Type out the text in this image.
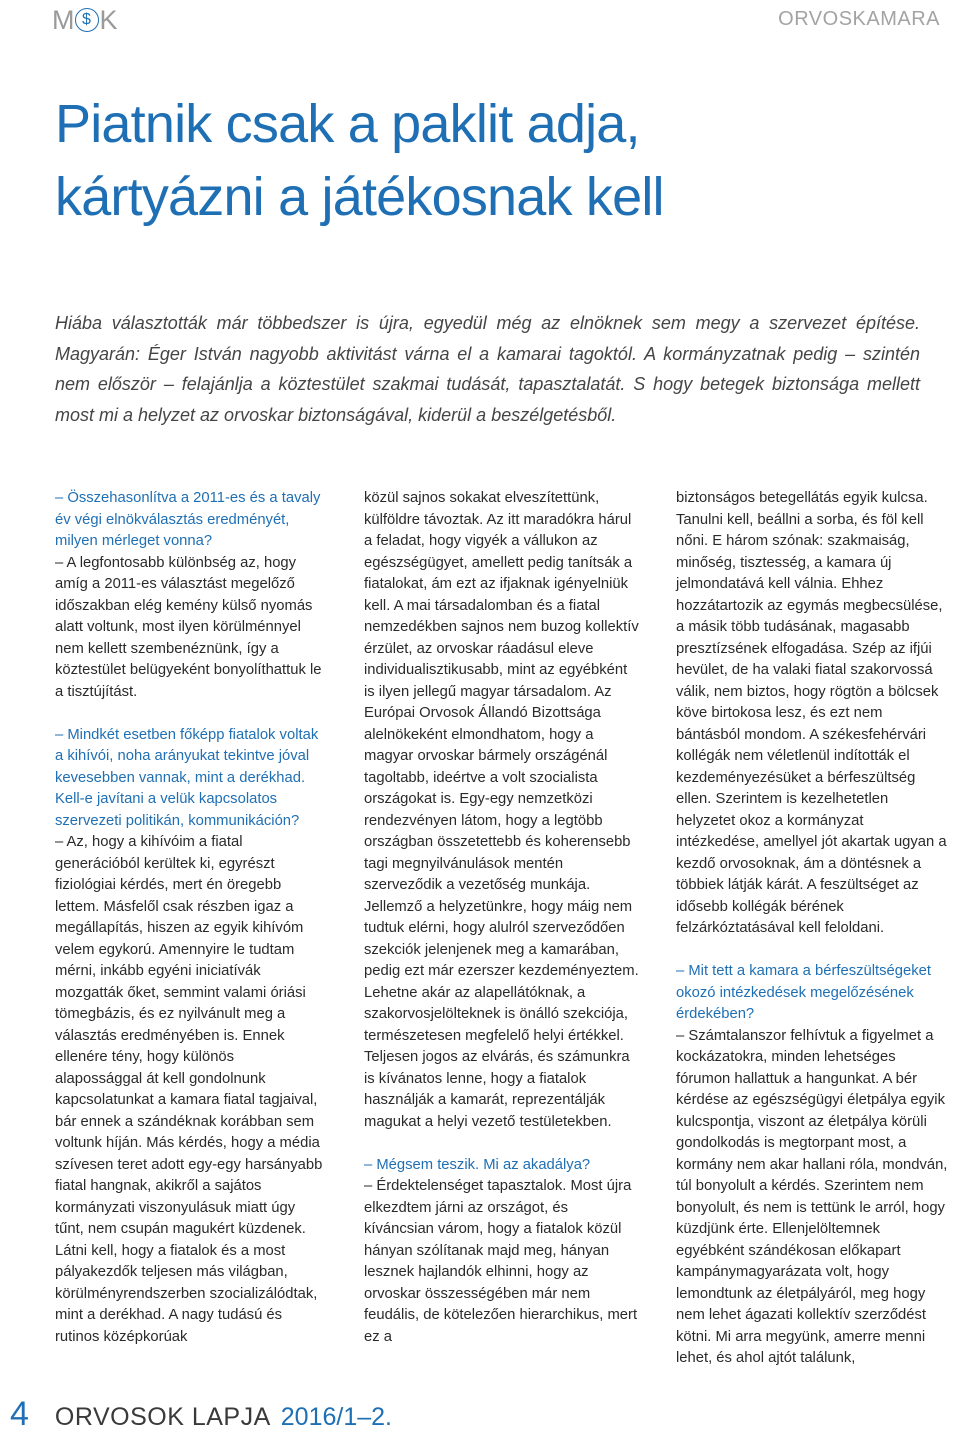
M $ K	ORVOSKAMARA
Piatnik csak a paklit adja,
kártyázni a játékosnak kell

Hiába választották már többedszer is újra, egyedül még az elnöknek sem megy a szervezet építése. Magyarán: Éger István nagyobb aktivitást várna el a kamarai tagoktól. A kormányzatnak pedig – szintén nem először – felajánlja a köztestület szakmai tudását, tapasztalatát. S hogy betegek biztonsága mellett most mi a helyzet az orvoskar biztonságával, kiderül a beszélgetésből.

– Összehasonlítva a 2011-es és a tavaly év végi elnökválasztás eredményét, milyen mérleget vonna?

– A legfontosabb különbség az, hogy amíg a 2011-es választást megelőző időszakban elég kemény külső nyomás alatt voltunk, most ilyen körülménnyel nem kellett szembenéznünk, így a köztestület belügyeként bonyolíthattuk le a tisztújítást.

– Mindkét esetben főképp fiatalok voltak a kihívói, noha arányukat tekintve jóval kevesebben vannak, mint a derékhad. Kell-e javítani a velük kapcsolatos szervezeti politikán, kommunikáción?

– Az, hogy a kihívóim a fiatal generációból kerültek ki, egyrészt fiziológiai kérdés, mert én öregebb lettem. Másfelől csak részben igaz a megállapítás, hiszen az egyik kihívóm velem egykorú. Amennyire le tudtam mérni, inkább egyéni iniciatívák mozgatták őket, semmint valami óriási tömegbázis, és ez nyilvánult meg a választás eredményében is. Ennek ellenére tény, hogy különös alapossággal át kell gondolnunk kapcsolatunkat a kamara fiatal tagjaival, bár ennek a szándéknak korábban sem voltunk híján. Más kérdés, hogy a média szívesen teret adott egy-egy harsányabb fiatal hangnak, akikről a sajátos kormányzati viszonyulásuk miatt úgy tűnt, nem csupán magukért küzdenek. Látni kell, hogy a fiatalok és a most pályakezdők teljesen más világban, körülményrendszerben szocializálódtak, mint a derékhad. A nagy tudású és rutinos középkorúak

közül sajnos sokakat elveszítettünk, külföldre távoztak. Az itt maradókra hárul a feladat, hogy vigyék a vállukon az egészségügyet, amellett pedig tanítsák a fiatalokat, ám ezt az ifjaknak igényelniük kell. A mai társadalomban és a fiatal nemzedékben sajnos nem buzog kollektív érzület, az orvoskar ráadásul eleve individualisztikusabb, mint az egyébként is ilyen jellegű magyar társadalom. Az Európai Orvosok Állandó Bizottsága alelnökeként elmondhatom, hogy a magyar orvoskar bármely országénál tagoltabb, ideértve a volt szocialista országokat is. Egy-egy nemzetközi rendezvényen látom, hogy a legtöbb országban összetettebb és koherensebb tagi megnyilvánulások mentén szerveződik a vezetőség munkája. Jellemző a helyzetünkre, hogy máig nem tudtuk elérni, hogy alulról szerveződően szekciók jelenjenek meg a kamarában, pedig ezt már ezerszer kezdeményeztem. Lehetne akár az alapellátóknak, a szakorvosjelölteknek is önálló szekciója, természetesen megfelelő helyi értékkel. Teljesen jogos az elvárás, és számunkra is kívánatos lenne, hogy a fiatalok használják a kamarát, reprezentálják magukat a helyi vezető testületekben.

– Mégsem teszik. Mi az akadálya?

– Érdektelenséget tapasztalok. Most újra elkezdtem járni az országot, és kíváncsian várom, hogy a fiatalok közül hányan szólítanak majd meg, hányan lesznek hajlandók elhinni, hogy az orvoskar összességében már nem feudális, de kötelezően hierarchikus, mert ez a

biztonságos betegellátás egyik kulcsa. Tanulni kell, beállni a sorba, és föl kell nőni. E három szónak: szakmaiság, minőség, tisztesség, a kamara új jelmondatává kell válnia. Ehhez hozzátartozik az egymás megbecsülése, a másik több tudásának, magasabb presztízsének elfogadása. Szép az ifjúi hevület, de ha valaki fiatal szakorvossá válik, nem biztos, hogy rögtön a bölcsek köve birtokosa lesz, és ezt nem bántásból mondom. A székesfehérvári kollégák nem véletlenül indították el kezdeményezésüket a bérfeszültség ellen. Szerintem is kezelhetetlen helyzetet okoz a kormányzat intézkedése, amellyel jót akartak ugyan a kezdő orvosoknak, ám a döntésnek a többiek látják kárát. A feszültséget az idősebb kollégák bérének felzárkóztatásával kell feloldani.

– Mit tett a kamara a bérfeszültségeket okozó intézkedések megelőzésének érdekében?

– Számtalanszor felhívtuk a figyelmet a kockázatokra, minden lehetséges fórumon hallattuk a hangunkat. A bér kérdése az egészségügyi életpálya egyik kulcspontja, viszont az életpálya körüli gondolkodás is megtorpant most, a kormány nem akar hallani róla, mondván, túl bonyolult a kérdés. Szerintem nem bonyolult, és nem is tettünk le arról, hogy küzdjünk érte. Ellenjelöltemnek egyébként szándékosan előkapart kampánymagyarázata volt, hogy lemondtunk az életpályáról, meg hogy nem lehet ágazati kollektív szerződést kötni. Mi arra megyünk, amerre menni lehet, és ahol ajtót találunk,

4 ORVOSOK LAPJA 2016/1–2.
